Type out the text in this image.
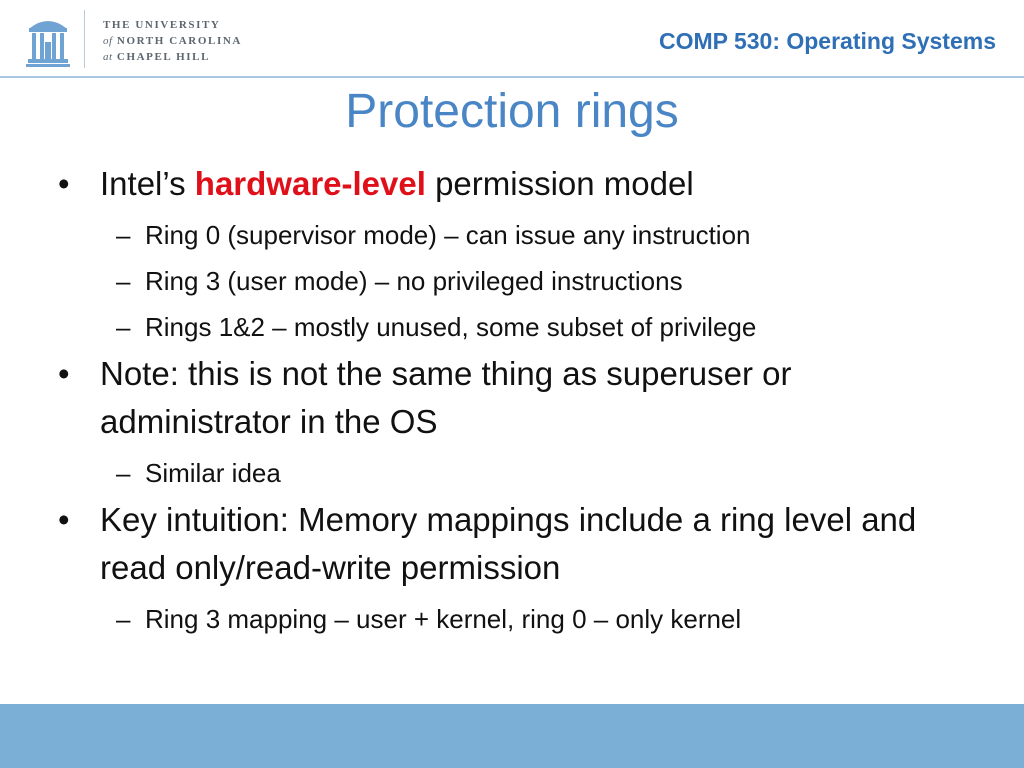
THE UNIVERSITY
of NORTH CAROLINA
at CHAPEL HILL
COMP 530: Operating Systems
Protection rings
• Intel’s hardware-level permission model
– Ring 0 (supervisor mode) – can issue any instruction
– Ring 3 (user mode) – no privileged instructions
– Rings 1&2 – mostly unused, some subset of privilege
• Note: this is not the same thing as superuser or administrator in the OS
– Similar idea
• Key intuition: Memory mappings include a ring level and read only/read-write permission
– Ring 3 mapping – user + kernel, ring 0 – only kernel
